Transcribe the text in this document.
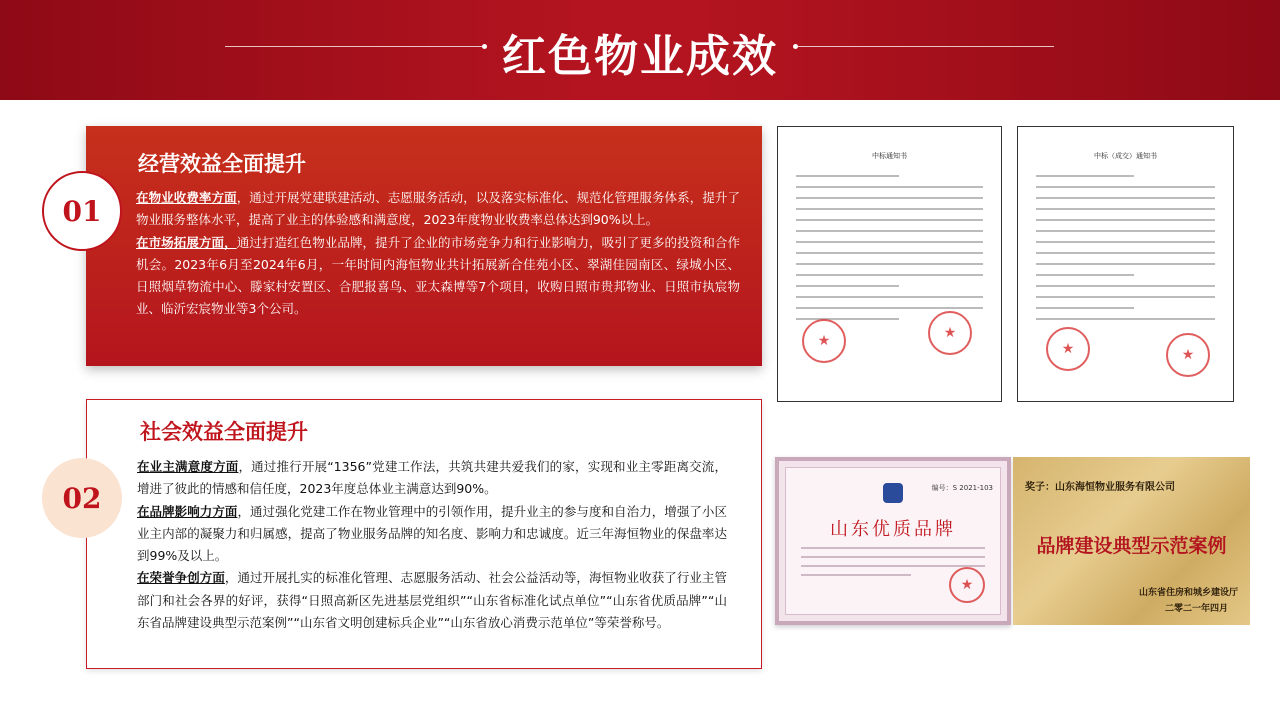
红色物业成效
01
经营效益全面提升

在物业收费率方面，通过开展党建联建活动、志愿服务活动，以及落实标准化、规范化管理服务体系，提升了物业服务整体水平，提高了业主的体验感和满意度，2023年度物业收费率总体达到90%以上。

在市场拓展方面，通过打造红色物业品牌，提升了企业的市场竞争力和行业影响力，吸引了更多的投资和合作机会。2023年6月至2024年6月，一年时间内海恒物业共计拓展新合佳苑小区、翠湖佳园南区、绿城小区、日照烟草物流中心、滕家村安置区、合肥报喜鸟、亚太森博等7个项目，收购日照市贵邦物业、日照市执宸物业、临沂宏宸物业等3个公司。

02
社会效益全面提升

在业主满意度方面，通过推行开展“1356”党建工作法，共筑共建共爱我们的家，实现和业主零距离交流，增进了彼此的情感和信任度，2023年度总体业主满意达到90%。

在品牌影响力方面，通过强化党建工作在物业管理中的引领作用，提升业主的参与度和自治力，增强了小区业主内部的凝聚力和归属感，提高了物业服务品牌的知名度、影响力和忠诚度。近三年海恒物业的保盘率达到99%及以上。

在荣誉争创方面，通过开展扎实的标准化管理、志愿服务活动、社会公益活动等，海恒物业收获了行业主管部门和社会各界的好评，获得“日照高新区先进基层党组织”“山东省标准化试点单位”“山东省优质品牌”“山东省品牌建设典型示范案例”“山东省文明创建标兵企业”“山东省放心消费示范单位”等荣誉称号。

中标通知书
★
★	中标（成交）通知书
★
★
编号：S 2021-103
山东优质品牌
★
奖子：山东海恒物业服务有限公司
品牌建设典型示范案例
山东省住房和城乡建设厅
二零二一年四月
